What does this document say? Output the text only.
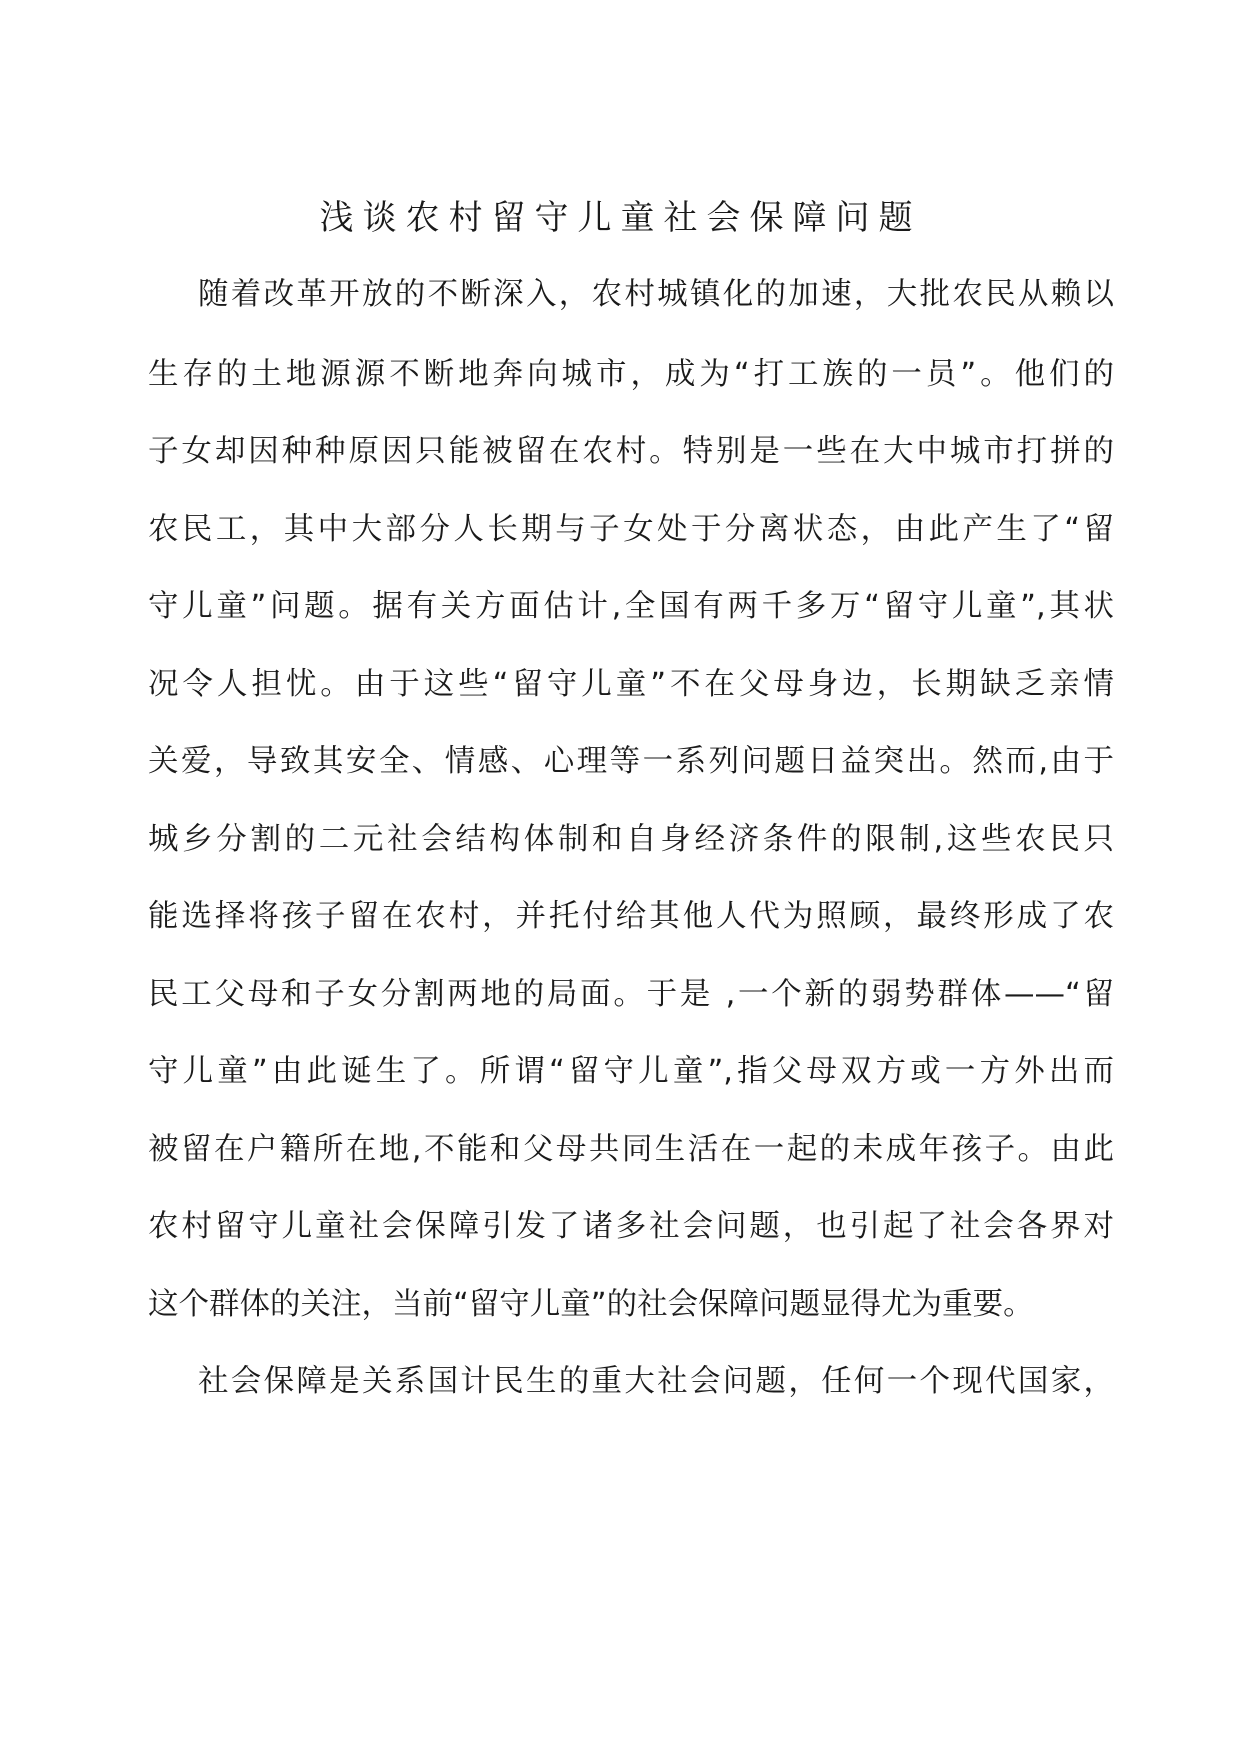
浅谈农村留守儿童社会保障问题

随着改革开放的不断深入，农村城镇化的加速，大批农民从赖以

生存的土地源源不断地奔向城市，成为“打工族的一员”。他们的

子女却因种种原因只能被留在农村。特别是一些在大中城市打拼的

农民工，其中大部分人长期与子女处于分离状态，由此产生了“留

守儿童”问题。据有关方面估计,全国有两千多万“留守儿童”,其状

况令人担忧。由于这些“留守儿童”不在父母身边，长期缺乏亲情

关爱，导致其安全、情感、心理等一系列问题日益突出。然而,由于

城乡分割的二元社会结构体制和自身经济条件的限制,这些农民只

能选择将孩子留在农村，并托付给其他人代为照顾，最终形成了农

民工父母和子女分割两地的局面。于是 ,一个新的弱势群体——“留

守儿童”由此诞生了。所谓“留守儿童”,指父母双方或一方外出而

被留在户籍所在地,不能和父母共同生活在一起的未成年孩子。由此

农村留守儿童社会保障引发了诸多社会问题，也引起了社会各界对

这个群体的关注，当前“留守儿童”的社会保障问题显得尤为重要。

社会保障是关系国计民生的重大社会问题，任何一个现代国家，
